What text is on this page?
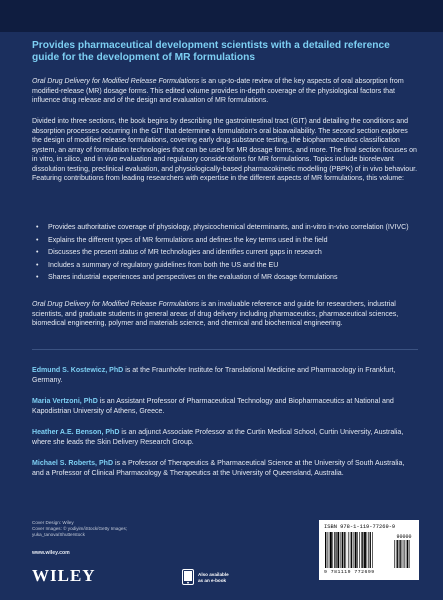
Provides pharmaceutical development scientists with a detailed reference guide for the development of MR formulations

Oral Drug Delivery for Modified Release Formulations is an up-to-date review of the key aspects of oral absorption from modified-release (MR) dosage forms. This edited volume provides in-depth coverage of the physiological factors that influence drug release and of the design and evaluation of MR formulations.

Divided into three sections, the book begins by describing the gastrointestinal tract (GIT) and detailing the conditions and absorption processes occurring in the GIT that determine a formulation's oral bioavailability. The second section explores the design of modified release formulations, covering early drug substance testing, the biopharmaceutics classification system, an array of formulation technologies that can be used for MR dosage forms, and more. The final section focuses on in vitro, in silico, and in vivo evaluation and regulatory considerations for MR formulations. Topics include biorelevant dissolution testing, preclinical evaluation, and physiologically-based pharmacokinetic modelling (PBPK) of in vivo behaviour. Featuring contributions from leading researchers with expertise in the different aspects of MR formulations, this volume:

• Provides authoritative coverage of physiology, physicochemical determinants, and in-vitro in-vivo correlation (IVIVC)
• Explains the different types of MR formulations and defines the key terms used in the field
• Discusses the present status of MR technologies and identifies current gaps in research
• Includes a summary of regulatory guidelines from both the US and the EU
• Shares industrial experiences and perspectives on the evaluation of MR dosage formulations

Oral Drug Delivery for Modified Release Formulations is an invaluable reference and guide for researchers, industrial scientists, and graduate students in general areas of drug delivery including pharmaceutics, pharmaceutical sciences, biomedical engineering, polymer and materials science, and chemical and biochemical engineering.

Edmund S. Kostewicz, PhD is at the Fraunhofer Institute for Translational Medicine and Pharmacology in Frankfurt, Germany.

Maria Vertzoni, PhD is an Assistant Professor of Pharmaceutical Technology and Biopharmaceutics at National and Kapodistrian University of Athens, Greece.

Heather A.E. Benson, PhD is an adjunct Associate Professor at the Curtin Medical School, Curtin University, Australia, where she leads the Skin Delivery Research Group.

Michael S. Roberts, PhD is a Professor of Therapeutics & Pharmaceutical Science at the University of South Australia, and a Professor of Clinical Pharmacology & Therapeutics at the University of Queensland, Australia.

Cover Design: Wiley
Cover Images: © yodiyim/iStock/Getty Images;
yuka_tanova/Shutterstock
www.wiley.com
WILEY	Also available
as an e-book
ISBN 978-1-119-77269-9
90000
9 781119 772699
